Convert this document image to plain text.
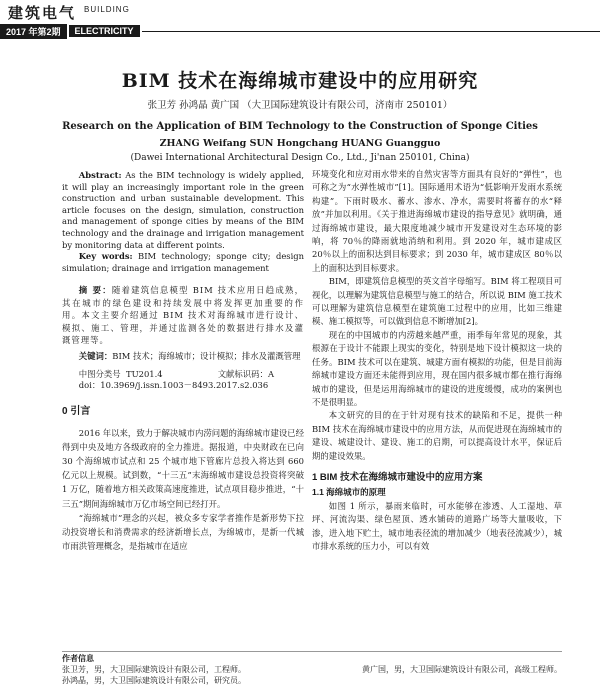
建筑电气 BUILDING
2017 年第2期	ELECTRICITY
BIM 技术在海绵城市建设中的应用研究
张卫芳 孙鸿晶 黄广国 （大卫国际建筑设计有限公司，济南市 250101）
Research on the Application of BIM Technology to the Construction of Sponge Cities
ZHANG Weifang SUN Hongchang HUANG Guangguo
(Dawei International Architectural Design Co., Ltd., Ji'nan 250101, China)

Abstract: As the BIM technology is widely applied, it will play an increasingly important role in the green construction and urban sustainable development. This article focuses on the design, simulation, construction and management of sponge cities by means of the BIM technology and the drainage and irrigation management by monitoring data at different points.

Key words: BIM technology; sponge city; design simulation; drainage and irrigation management

摘 要：随着建筑信息模型 BIM 技术应用日趋成熟，其在城市的绿色建设和持续发展中将发挥更加重要的作用。本文主要介绍通过 BIM 技术对海绵城市进行设计、模拟、施工、管理，并通过监测各处的数据进行排水及灌溉管理等。

关键词：BIM 技术；海绵城市；设计模拟；排水及灌溉管理

中图分类号 TU201.4	文献标识码：A

doi：10.3969/j.issn.1003－8493.2017.s2.036

0 引言

2016 年以来，致力于解决城市内涝问题的海绵城市建设已经得到中央及地方各级政府的全力推进。据报道，中央财政在已向 30 个海绵城市试点和 25 个城市地下管廊片总投入将达到 660 亿元以上规模。试到数，“十三五”末海绵城市建设总投资将突破 1 万亿，随着地方相关政策高速度推进，试点项目稳步推进，“十三五”期间海绵城市万亿市场空间已经打开。

“海绵城市”理念的兴起，被众多专家学者推作是新形势下拉动投资增长和消费需求的经济新增长点，为绵城市，是新一代城市雨洪管理概念，是指城市在适应

环境变化和应对雨水带来的自然灾害等方面具有良好的“弹性”，也可称之为“水弹性城市”[1]。国际通用术语为“低影响开发雨水系统构建”。下雨时吸水、蓄水、渗水、净水，需要时将蓄存的水“释放”并加以利用。《关于推进海绵城市建设的指导意见》就明确，通过海绵城市建设，最大限度地减少城市开发建设对生态环境的影响，将 70％的降雨就地消纳和利用。到 2020 年，城市建成区 20％以上的面积达到目标要求；到 2030 年，城市建成区 80％以上的面积达到目标要求。

BIM，即建筑信息模型的英文首字母缩写。BIM 将工程项目可视化，以理解为建筑信息模型与施工的结合，所以说 BIM 施工技术可以理解为建筑信息模型在建筑施工过程中的应用，比如三维建模、施工模拟等，可以做到信息不断增加[2]。

现在的中国城市的内涝越来越严重，雨季每年常见的现象，其根源在于设计不能跟上现实的变化，特别是地下设计模拟这一块的任务。BIM 技术可以在建筑、城建方面有模拟的功能，但是目前海绵城市建设方面还未能得到应用，现在国内很多城市都在推行海绵城市的建设，但是运用海绵城市的建设的进度缓慢，成功的案例也不是很明显。

本文研究的目的在于针对现有技术的缺陷和不足，提供一种 BIM 技术在海绵城市建设中的应用方法，从而促进现在海绵城市的建设、城建设计、建设、施工的启期，可以提高设计水平，保证后期的建设效果。

1 BIM 技术在海绵城市建设中的应用方案
1.1 海绵城市的原理

如图 1 所示，暴雨来临时，可水能够在渗透、人工湿地、草坪、河流沟渠、绿色屋顶、透水铺砖的道路广场等大量吸收，下渗，进入地下贮土，城市地表径流的增加减少（地表径流减少），城市排水系统的压力小，可以有效

作者信息
张卫芳，男，大卫国际建筑设计有限公司，工程师。	黄广国，男，大卫国际建筑设计有限公司，高级工程师。
孙鸿晶，男，大卫国际建筑设计有限公司，研究员。
